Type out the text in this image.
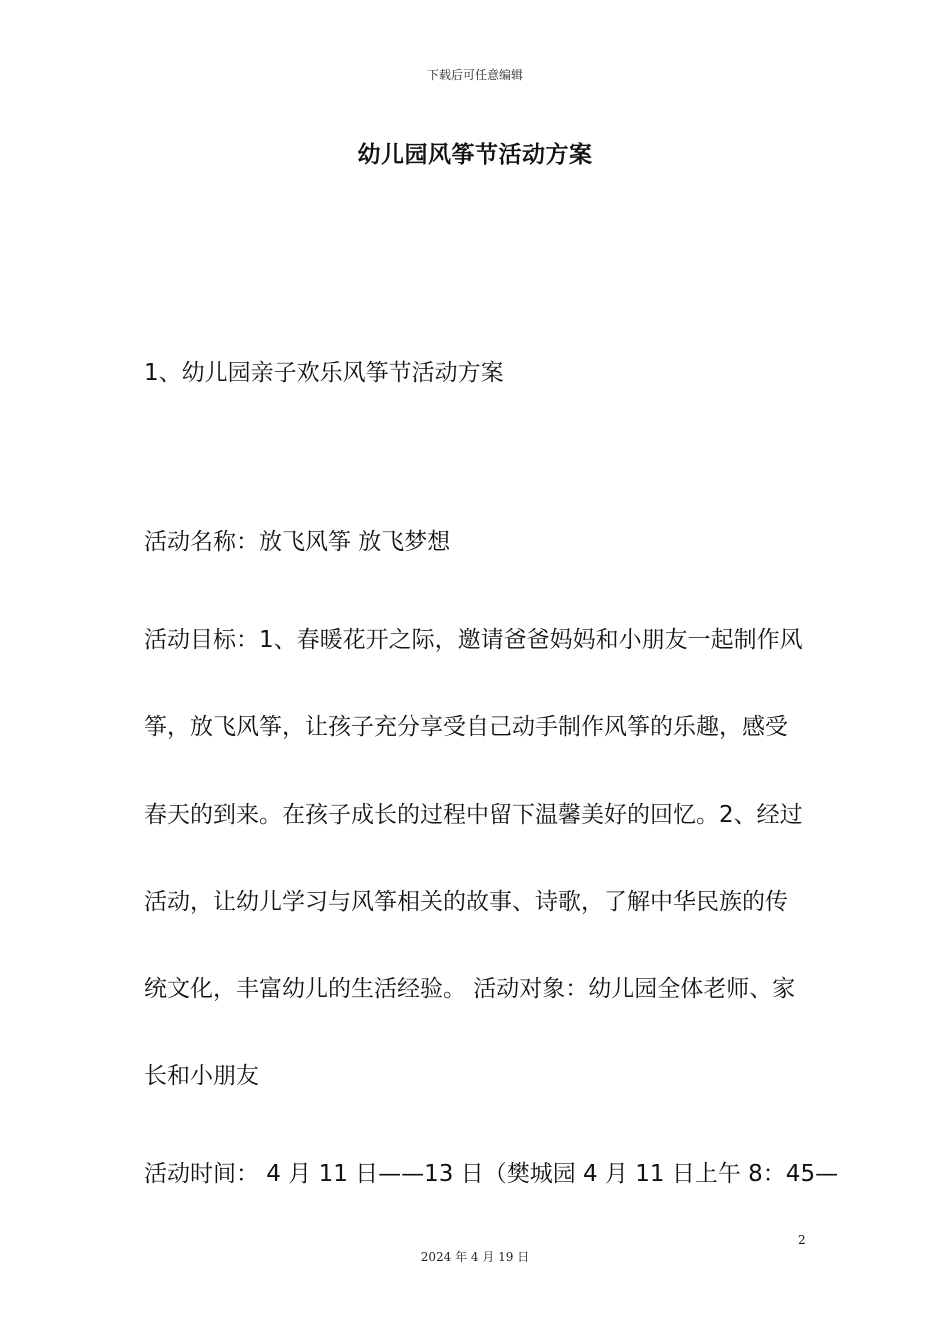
下载后可任意编辑
幼儿园风筝节活动方案
1、幼儿园亲子欢乐风筝节活动方案
活动名称：放飞风筝 放飞梦想
活动目标：1、春暖花开之际，邀请爸爸妈妈和小朋友一起制作风
筝，放飞风筝，让孩子充分享受自己动手制作风筝的乐趣，感受
春天的到来。在孩子成长的过程中留下温馨美好的回忆。2、经过
活动，让幼儿学习与风筝相关的故事、诗歌，了解中华民族的传
统文化，丰富幼儿的生活经验。 活动对象：幼儿园全体老师、家
长和小朋友
活动时间： 4 月 11 日——13 日（樊城园 4 月 11 日上午 8：45—
2
2024 年 4 月 19 日
